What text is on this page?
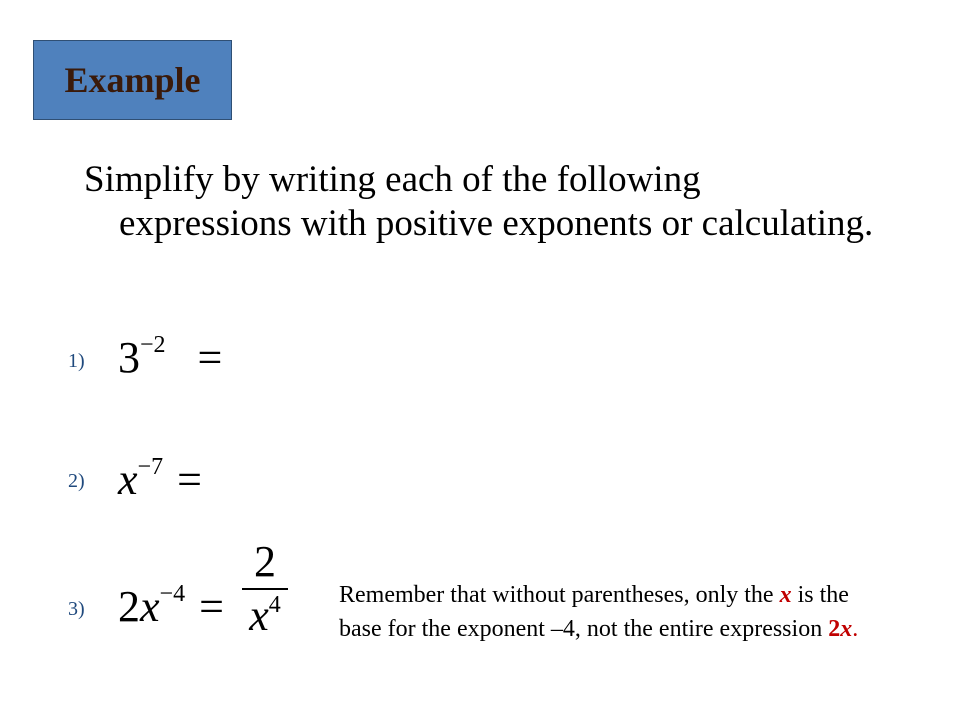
Example
Simplify by writing each of the following expressions with positive exponents or calculating.
1) $3^{-2}$ =
2) $x^{-7}$ =
3) $2x^{-4}$ =
2
$x^4$	Remember that without parentheses, only the x is the base for the exponent –4, not the entire expression 2x.
